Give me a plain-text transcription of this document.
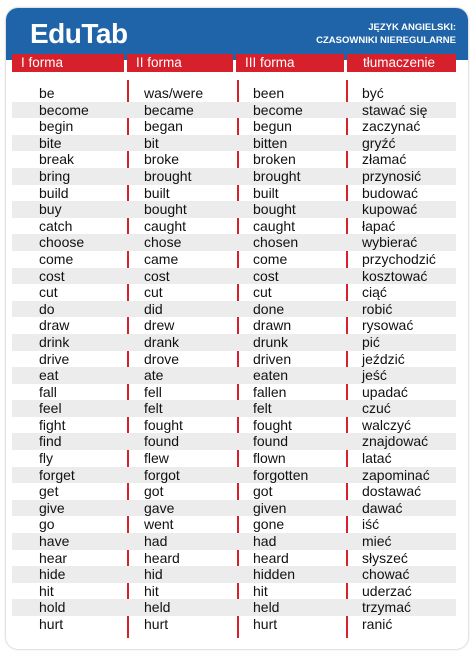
EduTab	JĘZYK ANGIELSKI:
CZASOWNIKI NIEREGULARNE
I forma	II forma	III forma	tłumaczenie
be	was/were	been	być
become	became	become	stawać się
begin	began	begun	zaczynać
bite	bit	bitten	gryźć
break	broke	broken	złamać
bring	brought	brought	przynosić
build	built	built	budować
buy	bought	bought	kupować
catch	caught	caught	łapać
choose	chose	chosen	wybierać
come	came	come	przychodzić
cost	cost	cost	kosztować
cut	cut	cut	ciąć
do	did	done	robić
draw	drew	drawn	rysować
drink	drank	drunk	pić
drive	drove	driven	jeździć
eat	ate	eaten	jeść
fall	fell	fallen	upadać
feel	felt	felt	czuć
fight	fought	fought	walczyć
find	found	found	znajdować
fly	flew	flown	latać
forget	forgot	forgotten	zapominać
get	got	got	dostawać
give	gave	given	dawać
go	went	gone	iść
have	had	had	mieć
hear	heard	heard	słyszeć
hide	hid	hidden	chować
hit	hit	hit	uderzać
hold	held	held	trzymać
hurt	hurt	hurt	ranić
